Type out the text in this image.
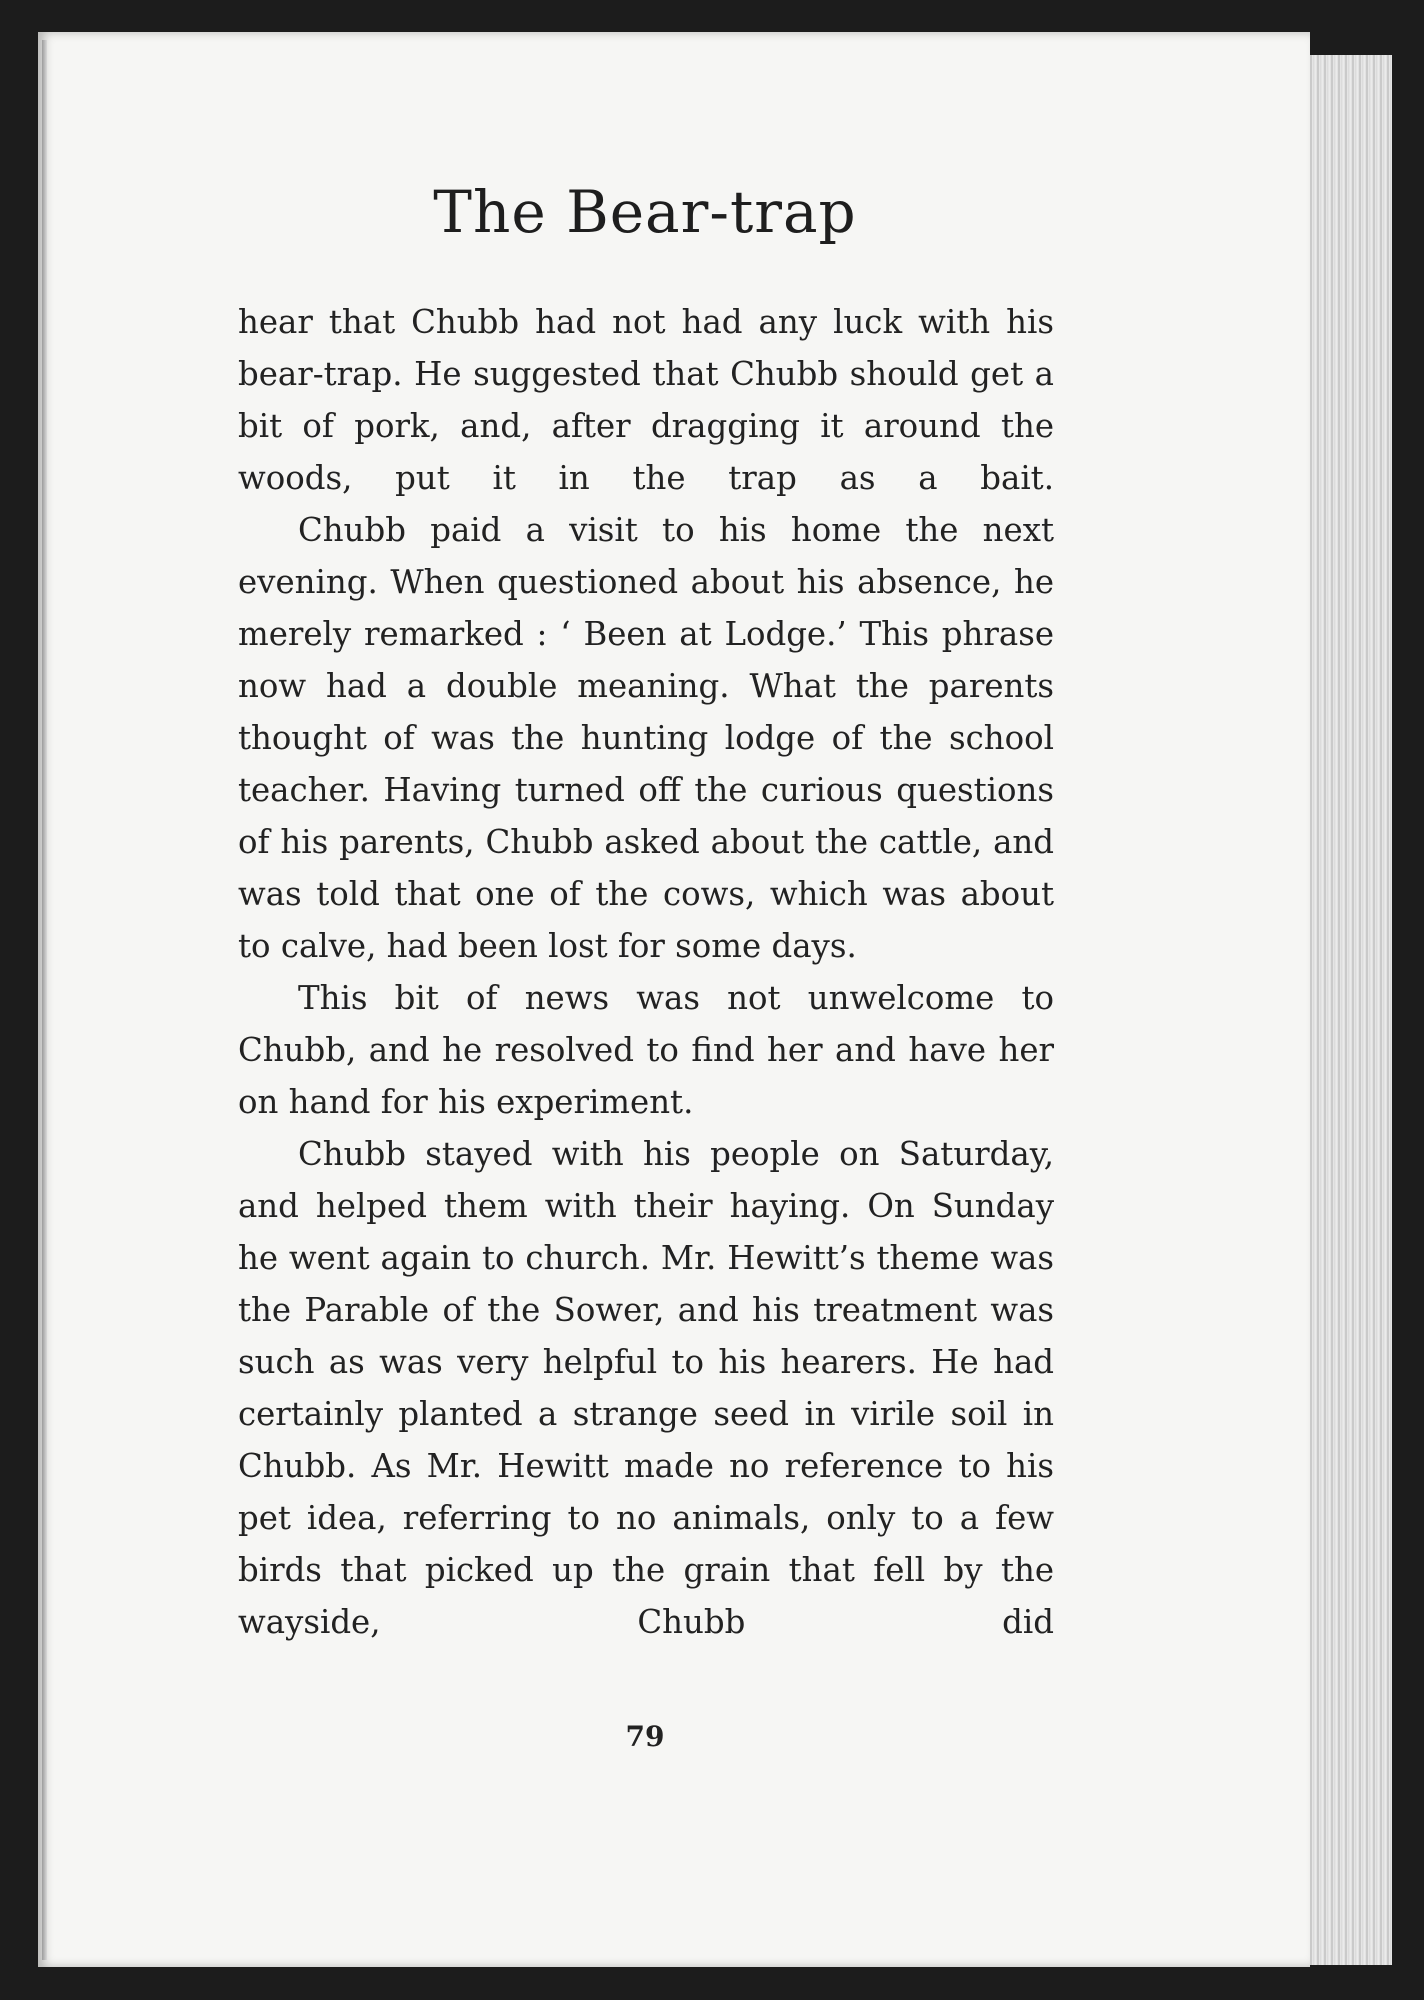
The Bear-trap

hear that Chubb had not had any luck with his bear-trap. He suggested that Chubb should get a bit of pork, and, after dragging it around the woods, put it in the trap as a bait.

Chubb paid a visit to his home the next evening. When questioned about his absence, he merely remarked : ‘ Been at Lodge.’ This phrase now had a double meaning. What the parents thought of was the hunting lodge of the school teacher. Having turned off the curious questions of his parents, Chubb asked about the cattle, and was told that one of the cows, which was about to calve, had been lost for some days.

This bit of news was not unwelcome to Chubb, and he resolved to find her and have her on hand for his experiment.

Chubb stayed with his people on Saturday, and helped them with their haying. On Sunday he went again to church. Mr. Hewitt’s theme was the Parable of the Sower, and his treatment was such as was very helpful to his hearers. He had certainly planted a strange seed in virile soil in Chubb. As Mr. Hewitt made no reference to his pet idea, referring to no animals, only to a few birds that picked up the grain that fell by the wayside, Chubb did

79
